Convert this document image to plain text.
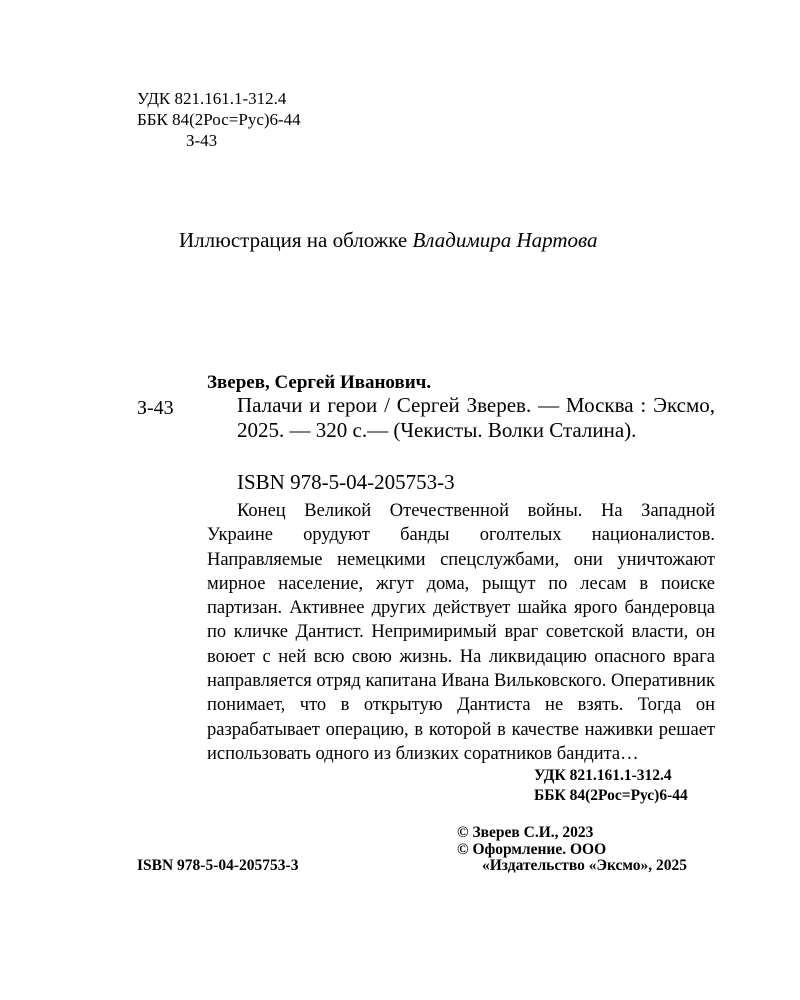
УДК 821.161.1-312.4
ББК 84(2Рос=Рус)6-44
З-43
Иллюстрация на обложке Владимира Нартова
Зверев, Сергей Иванович.
З-43	Палачи и герои / Сергей Зверев. — Москва : Эксмо, 2025. — 320 с.— (Чекисты. Волки Сталина).
ISBN 978-5-04-205753-3
Конец Великой Отечественной войны. На Западной Украине орудуют банды оголтелых националистов. Направляемые немецкими спецслужбами, они уничтожают мирное население, жгут дома, рыщут по лесам в поиске партизан. Активнее других действует шайка ярого бандеровца по кличке Дантист. Непримиримый враг советской власти, он воюет с ней всю свою жизнь. На ликвидацию опасного врага направляется отряд капитана Ивана Вильковского. Оперативник понимает, что в открытую Дантиста не взять. Тогда он разрабатывает операцию, в которой в качестве наживки решает использовать одного из близких соратников бандита…
УДК 821.161.1-312.4
ББК 84(2Рос=Рус)6-44
ISBN 978-5-04-205753-3
© Зверев С.И., 2023
© Оформление. ООО
«Издательство «Эксмо», 2025
